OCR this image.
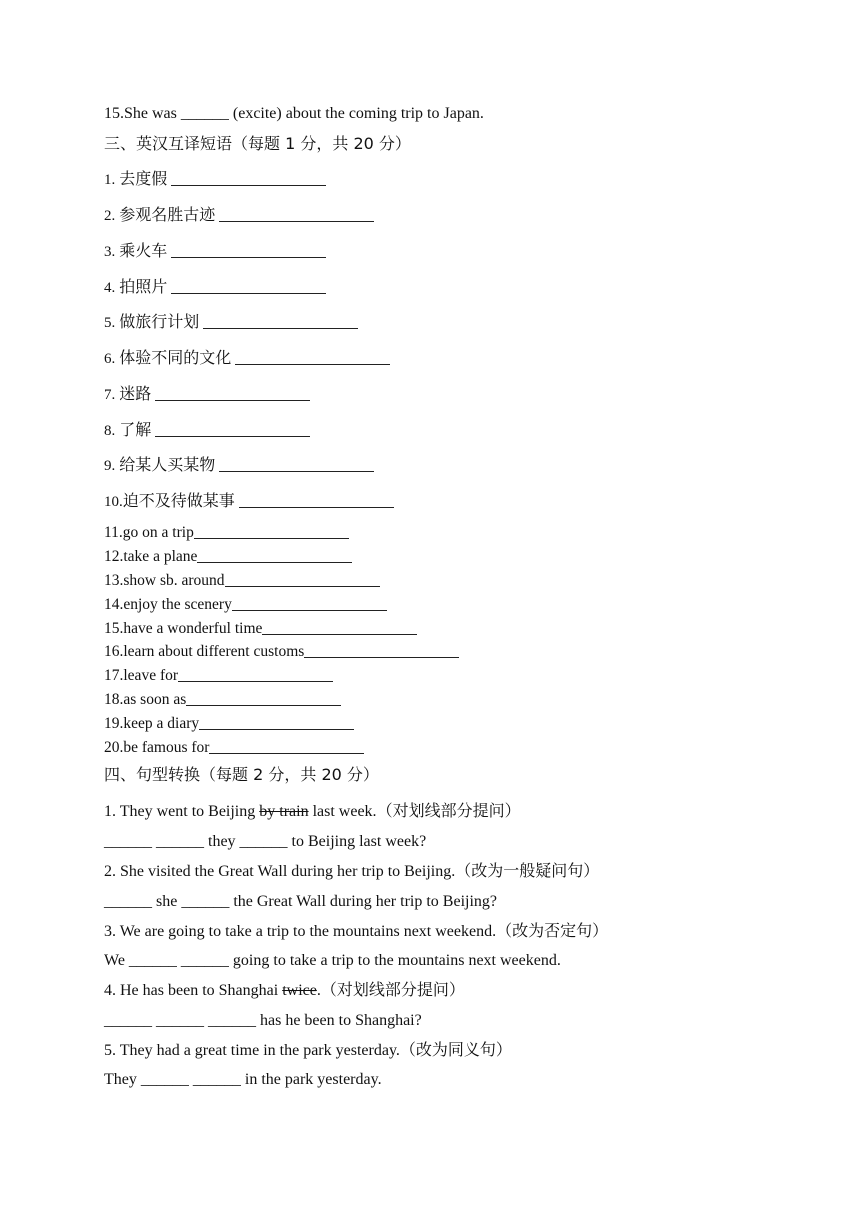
15.She was ______ (excite) about the coming trip to Japan.
三、英汉互译短语（每题 1 分，共 20 分）
1. 去度假
2. 参观名胜古迹
3. 乘火车
4. 拍照片
5. 做旅行计划
6. 体验不同的文化
7. 迷路
8. 了解
9. 给某人买某物
10.迫不及待做某事
11.go on a trip
12.take a plane
13.show sb. around
14.enjoy the scenery
15.have a wonderful time
16.learn about different customs
17.leave for
18.as soon as
19.keep a diary
20.be famous for
四、句型转换（每题 2 分，共 20 分）
1. They went to Beijing by train last week.（对划线部分提问）
______ ______ they ______ to Beijing last week?
2. She visited the Great Wall during her trip to Beijing.（改为一般疑问句）
______ she ______ the Great Wall during her trip to Beijing?
3. We are going to take a trip to the mountains next weekend.（改为否定句）
We ______ ______ going to take a trip to the mountains next weekend.
4. He has been to Shanghai twice.（对划线部分提问）
______ ______ ______ has he been to Shanghai?
5. They had a great time in the park yesterday.（改为同义句）
They ______ ______ in the park yesterday.
